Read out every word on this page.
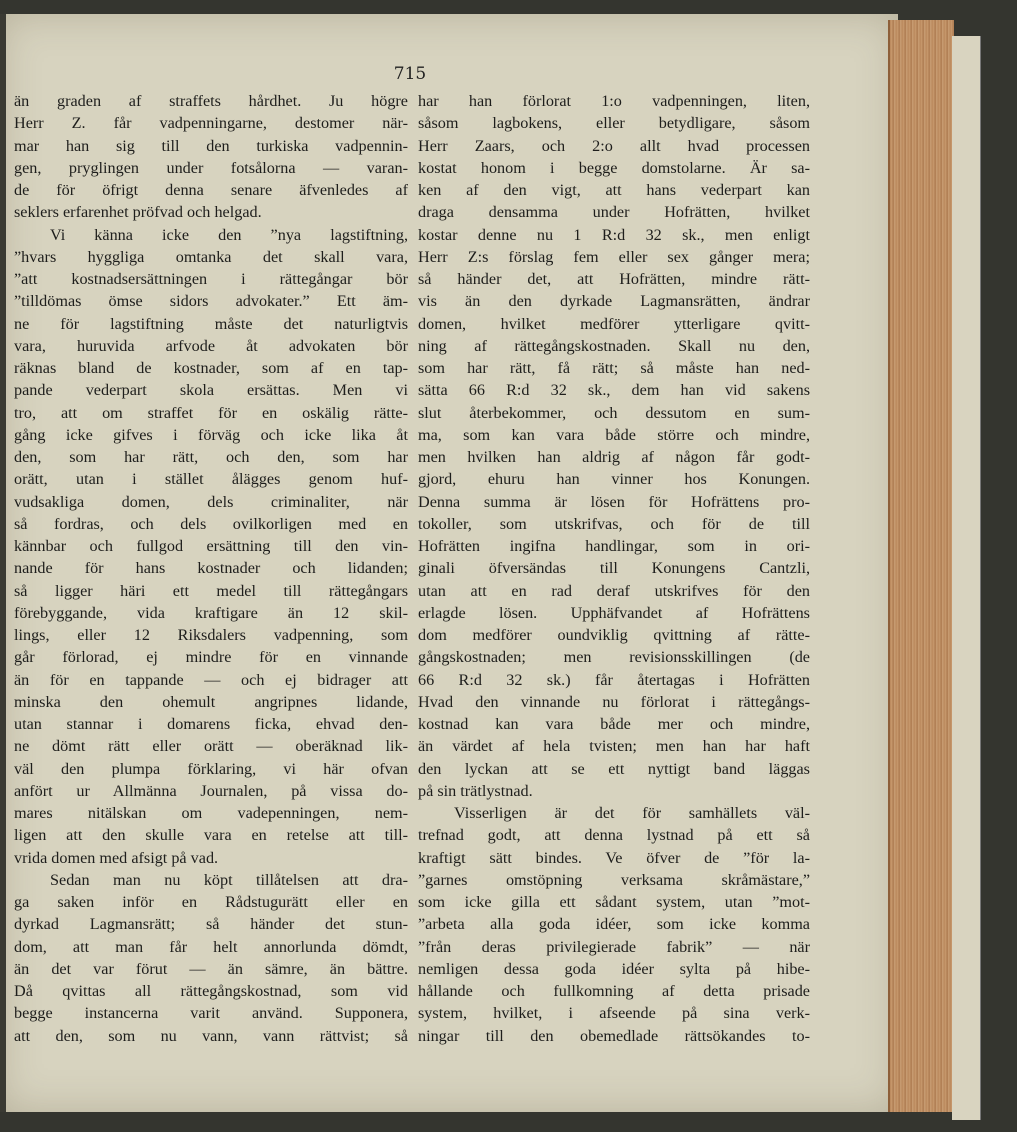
715
än graden af straffets hårdhet. Ju högre
Herr Z. får vadpenningarne, destomer när-
mar han sig till den turkiska vadpennin-
gen, pryglingen under fotsålorna — varan-
de för öfrigt denna senare äfvenledes af
seklers erfarenhet pröfvad och helgad.
Vi känna icke den ”nya lagstiftning,
”hvars hyggliga omtanka det skall vara,
”att kostnadsersättningen i rättegångar bör
”tilldömas ömse sidors advokater.” Ett äm-
ne för lagstiftning måste det naturligtvis
vara, huruvida arfvode åt advokaten bör
räknas bland de kostnader, som af en tap-
pande vederpart skola ersättas. Men vi
tro, att om straffet för en oskälig rätte-
gång icke gifves i förväg och icke lika åt
den, som har rätt, och den, som har
orätt, utan i stället ålägges genom huf-
vudsakliga domen, dels criminaliter, när
så fordras, och dels ovilkorligen med en
kännbar och fullgod ersättning till den vin-
nande för hans kostnader och lidanden;
så ligger häri ett medel till rättegångars
förebyggande, vida kraftigare än 12 skil-
lings, eller 12 Riksdalers vadpenning, som
går förlorad, ej mindre för en vinnande
än för en tappande — och ej bidrager att
minska den ohemult angripnes lidande,
utan stannar i domarens ficka, ehvad den-
ne dömt rätt eller orätt — oberäknad lik-
väl den plumpa förklaring, vi här ofvan
anfört ur Allmänna Journalen, på vissa do-
mares nitälskan om vadepenningen, nem-
ligen att den skulle vara en retelse att till-
vrida domen med afsigt på vad.
Sedan man nu köpt tillåtelsen att dra-
ga saken inför en Rådstugurätt eller en
dyrkad Lagmansrätt; så händer det stun-
dom, att man får helt annorlunda dömdt,
än det var förut — än sämre, än bättre.
Då qvittas all rättegångskostnad, som vid
begge instancerna varit använd. Supponera,
att den, som nu vann, vann rättvist; så
har han förlorat 1:o vadpenningen, liten,
såsom lagbokens, eller betydligare, såsom
Herr Zaars, och 2:o allt hvad processen
kostat honom i begge domstolarne. Är sa-
ken af den vigt, att hans vederpart kan
draga densamma under Hofrätten, hvilket
kostar denne nu 1 R:d 32 sk., men enligt
Herr Z:s förslag fem eller sex gånger mera;
så händer det, att Hofrätten, mindre rätt-
vis än den dyrkade Lagmansrätten, ändrar
domen, hvilket medförer ytterligare qvitt-
ning af rättegångskostnaden. Skall nu den,
som har rätt, få rätt; så måste han ned-
sätta 66 R:d 32 sk., dem han vid sakens
slut återbekommer, och dessutom en sum-
ma, som kan vara både större och mindre,
men hvilken han aldrig af någon får godt-
gjord, ehuru han vinner hos Konungen.
Denna summa är lösen för Hofrättens pro-
tokoller, som utskrifvas, och för de till
Hofrätten ingifna handlingar, som in ori-
ginali öfversändas till Konungens Cantzli,
utan att en rad deraf utskrifves för den
erlagde lösen. Upphäfvandet af Hofrättens
dom medförer oundviklig qvittning af rätte-
gångskostnaden; men revisionsskillingen (de
66 R:d 32 sk.) får återtagas i Hofrätten
Hvad den vinnande nu förlorat i rättegångs-
kostnad kan vara både mer och mindre,
än värdet af hela tvisten; men han har haft
den lyckan att se ett nyttigt band läggas
på sin trätlystnad.
Visserligen är det för samhällets väl-
trefnad godt, att denna lystnad på ett så
kraftigt sätt bindes. Ve öfver de ”för la-
”garnes omstöpning verksama skråmästare,”
som icke gilla ett sådant system, utan ”mot-
”arbeta alla goda idéer, som icke komma
”från deras privilegierade fabrik” — när
nemligen dessa goda idéer sylta på hibe-
hållande och fullkomning af detta prisade
system, hvilket, i afseende på sina verk-
ningar till den obemedlade rättsökandes to-
